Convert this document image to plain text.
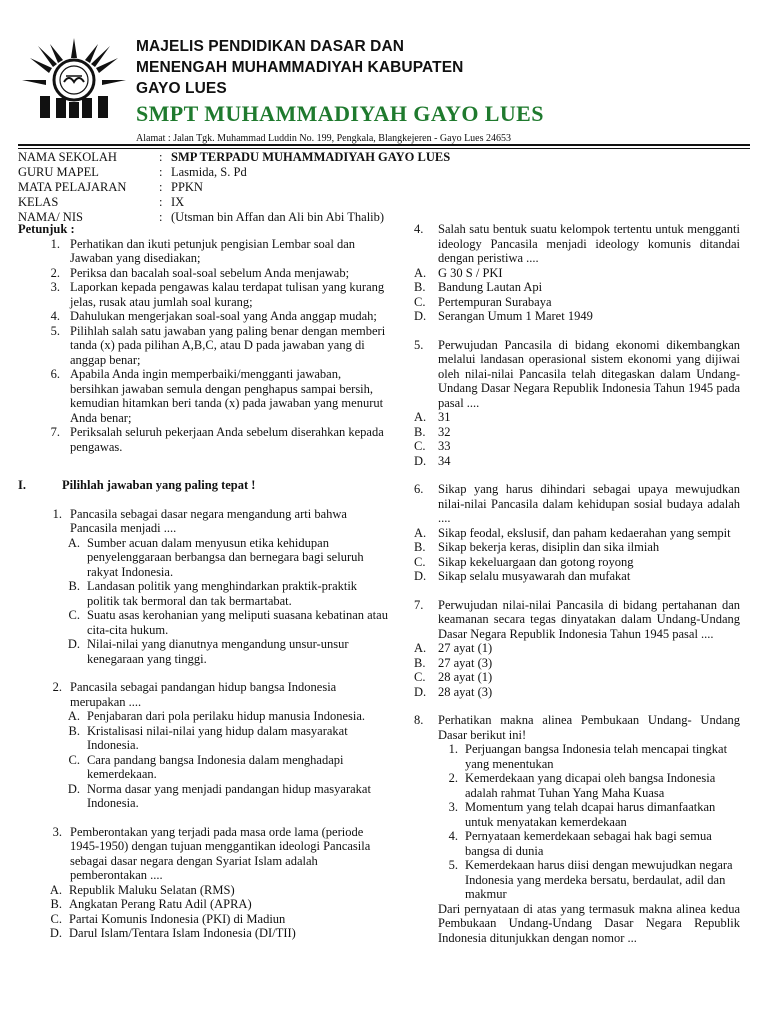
MAJELIS PENDIDIKAN DASAR DAN
MENENGAH MUHAMMADIYAH KABUPATEN
GAYO LUES
SMPT MUHAMMADIYAH GAYO LUES
Alamat : Jalan Tgk. Muhammad Luddin No. 199, Pengkala, Blangkejeren - Gayo Lues 24653
NAMA SEKOLAH	: SMP TERPADU MUHAMMADIYAH GAYO LUES
GURU MAPEL	: Lasmida, S. Pd
MATA PELAJARAN	: PPKN
KELAS	: IX
NAMA/ NIS	: (Utsman bin Affan dan Ali bin Abi Thalib)
Petunjuk :
1. Perhatikan dan ikuti petunjuk pengisian Lembar soal dan Jawaban yang disediakan;
2. Periksa dan bacalah soal-soal sebelum Anda menjawab;
3. Laporkan kepada pengawas kalau terdapat tulisan yang kurang jelas, rusak atau jumlah soal kurang;
4. Dahulukan mengerjakan soal-soal yang Anda anggap mudah;
5. Pilihlah salah satu jawaban yang paling benar dengan memberi tanda (x) pada pilihan A,B,C, atau D pada jawaban yang di anggap benar;
6. Apabila Anda ingin memperbaiki/mengganti jawaban, bersihkan jawaban semula dengan penghapus sampai bersih, kemudian hitamkan beri tanda (x) pada jawaban yang menurut Anda benar;
7. Periksalah seluruh pekerjaan Anda sebelum diserahkan kepada pengawas.
I.	Pilihlah jawaban yang paling tepat !
1. Pancasila sebagai dasar negara mengandung arti bahwa Pancasila menjadi ....
A. Sumber acuan dalam menyusun etika kehidupan penyelenggaraan berbangsa dan bernegara bagi seluruh rakyat Indonesia.
B. Landasan politik yang menghindarkan praktik-praktik politik tak bermoral dan tak bermartabat.
C. Suatu asas kerohanian yang meliputi suasana kebatinan atau cita-cita hukum.
D. Nilai-nilai yang dianutnya mengandung unsur-unsur kenegaraan yang tinggi.
2. Pancasila sebagai pandangan hidup bangsa Indonesia merupakan ....
A. Penjabaran dari pola perilaku hidup manusia Indonesia.
B. Kristalisasi nilai-nilai yang hidup dalam masyarakat Indonesia.
C. Cara pandang bangsa Indonesia dalam menghadapi kemerdekaan.
D. Norma dasar yang menjadi pandangan hidup masyarakat Indonesia.
3. Pemberontakan yang terjadi pada masa orde lama (periode 1945-1950) dengan tujuan menggantikan ideologi Pancasila sebagai dasar negara dengan Syariat Islam adalah pemberontakan ....
A. Republik Maluku Selatan (RMS)
B. Angkatan Perang Ratu Adil (APRA)
C. Partai Komunis Indonesia (PKI) di Madiun
D. Darul Islam/Tentara Islam Indonesia (DI/TII)
4.	Salah satu bentuk suatu kelompok tertentu untuk mengganti ideology Pancasila menjadi ideology komunis ditandai dengan peristiwa ....
A. G 30 S / PKI
B.	Bandung Lautan Api
C.	Pertempuran Surabaya
D. Serangan Umum 1 Maret 1949
5.	Perwujudan Pancasila di bidang ekonomi dikembangkan melalui landasan operasional sistem ekonomi yang dijiwai oleh nilai-nilai Pancasila telah ditegaskan dalam Undang-Undang Dasar Negara Republik Indonesia Tahun 1945 pada pasal ....
A. 31
B.	32
C.	33
D. 34
6.	Sikap yang harus dihindari sebagai upaya mewujudkan nilai-nilai Pancasila dalam kehidupan sosial budaya adalah ....
A. Sikap feodal, ekslusif, dan paham kedaerahan yang sempit
B.	Sikap bekerja keras, disiplin dan sika ilmiah
C.	Sikap kekeluargaan dan gotong royong
D. Sikap selalu musyawarah dan mufakat
7.	Perwujudan nilai-nilai Pancasila di bidang pertahanan dan keamanan secara tegas dinyatakan dalam Undang-Undang Dasar Negara Republik Indonesia Tahun 1945 pasal ....
A. 27 ayat (1)
B.	27 ayat (3)
C.	28 ayat (1)
D. 28 ayat (3)
8.	Perhatikan makna alinea Pembukaan Undang- Undang Dasar berikut ini!
1. Perjuangan bangsa Indonesia telah mencapai tingkat yang menentukan
2. Kemerdekaan yang dicapai oleh bangsa Indonesia adalah rahmat Tuhan Yang Maha Kuasa
3. Momentum yang telah dcapai harus dimanfaatkan untuk menyatakan kemerdekaan
4. Pernyataan kemerdekaan sebagai hak bagi semua bangsa di dunia
5. Kemerdekaan harus diisi dengan mewujudkan negara Indonesia yang merdeka bersatu, berdaulat, adil dan makmur
Dari pernyataan di atas yang termasuk makna alinea kedua Pembukaan Undang-Undang Dasar Negara Republik Indonesia ditunjukkan dengan nomor ...
